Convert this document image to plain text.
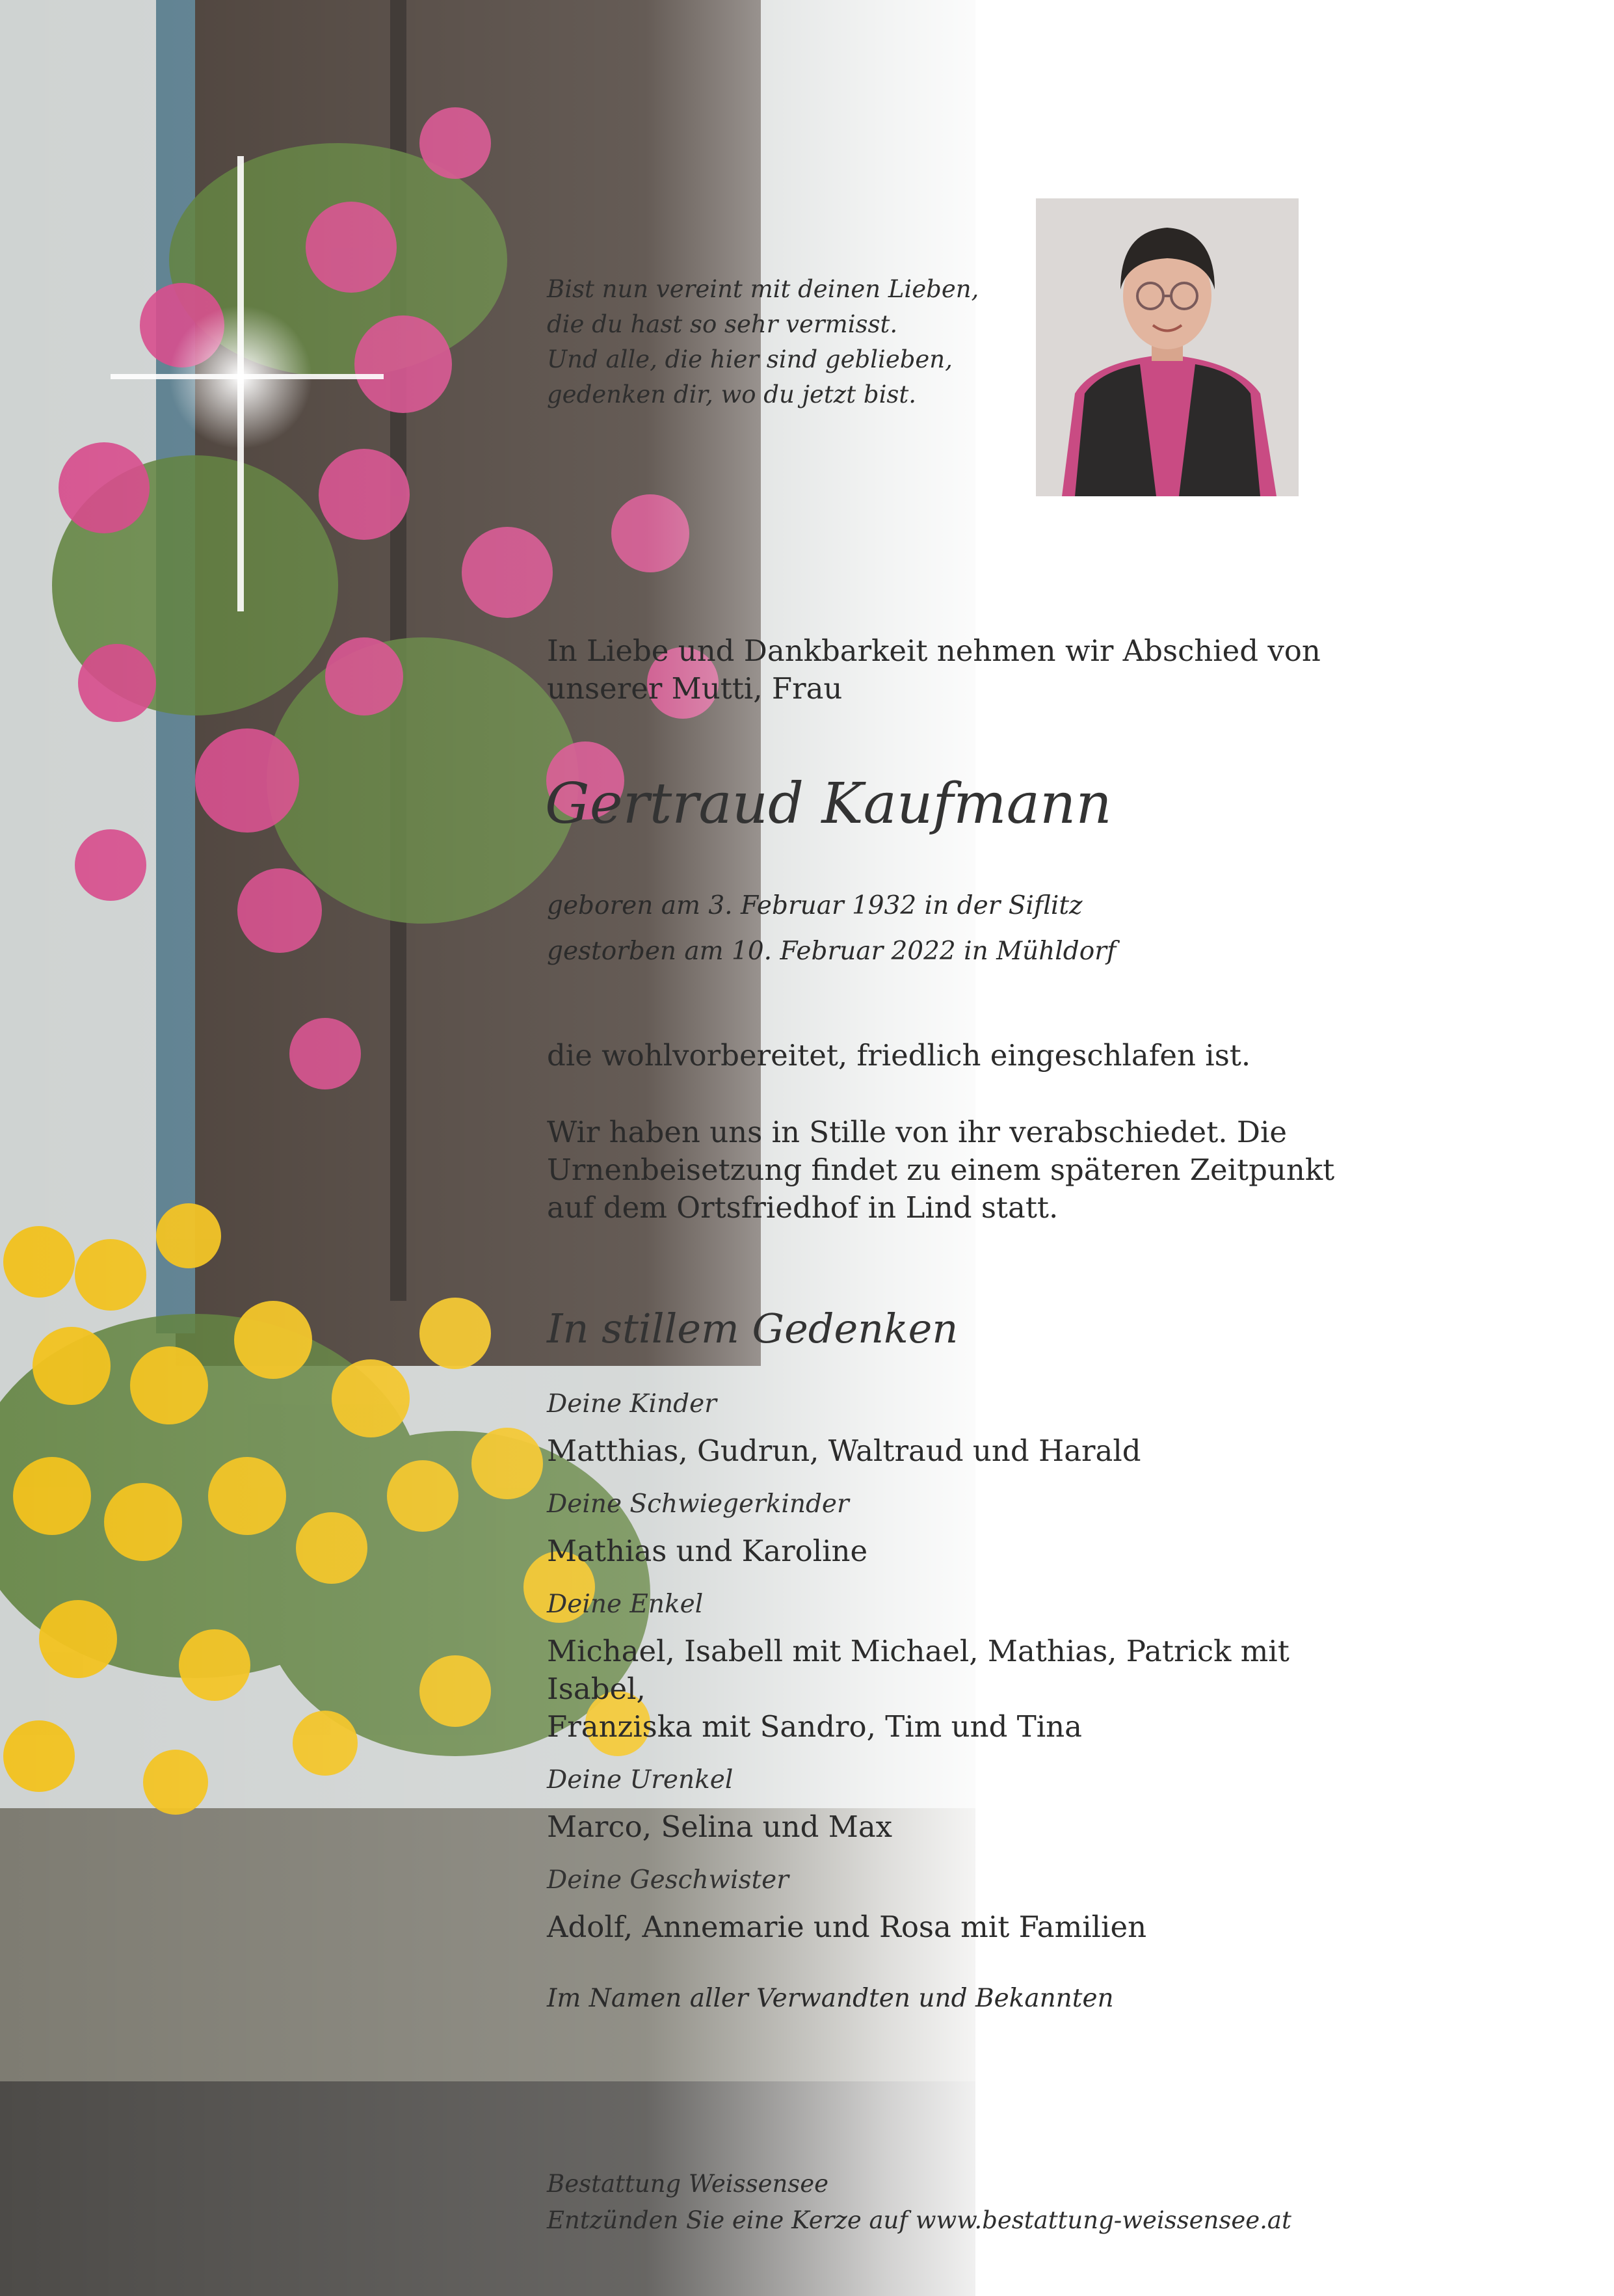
Bist nun vereint mit deinen Lieben,
die du hast so sehr vermisst.
Und alle, die hier sind geblieben,
gedenken dir, wo du jetzt bist.
In Liebe und Dankbarkeit nehmen wir Abschied von
unserer Mutti, Frau
Gertraud Kaufmann
geboren am 3. Februar 1932 in der Siflitz
gestorben am 10. Februar 2022 in Mühldorf
die wohlvorbereitet, friedlich eingeschlafen ist.
Wir haben uns in Stille von ihr verabschiedet. Die
Urnenbeisetzung findet zu einem späteren Zeitpunkt
auf dem Ortsfriedhof in Lind statt.
In stillem Gedenken
Deine Kinder
Matthias, Gudrun, Waltraud und Harald
Deine Schwiegerkinder
Mathias und Karoline
Deine Enkel
Michael, Isabell mit Michael, Mathias, Patrick mit Isabel,
Franziska mit Sandro, Tim und Tina
Deine Urenkel
Marco, Selina und Max
Deine Geschwister
Adolf, Annemarie und Rosa mit Familien
Im Namen aller Verwandten und Bekannten
Bestattung Weissensee
Entzünden Sie eine Kerze auf www.bestattung-weissensee.at
